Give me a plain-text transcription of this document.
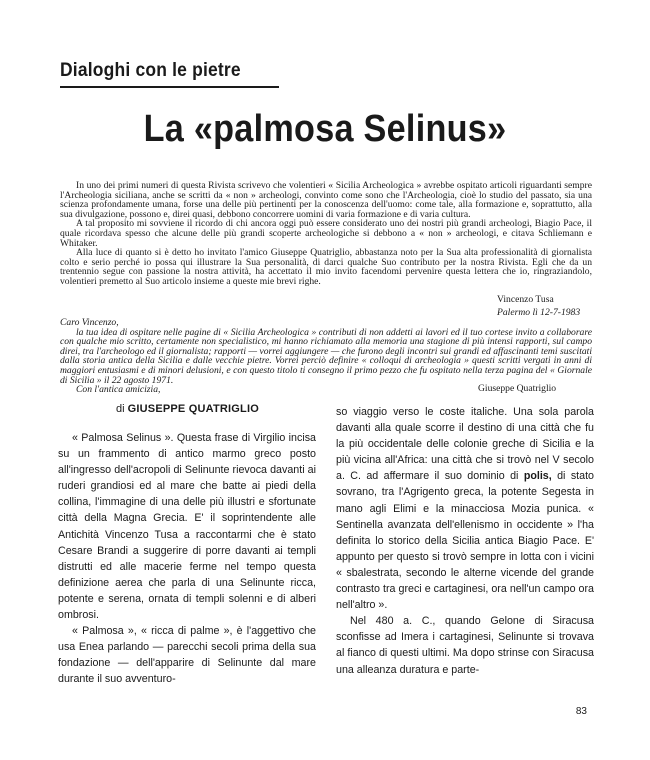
Dialoghi con le pietre
La «palmosa Selinus»

In uno dei primi numeri di questa Rivista scrivevo che volentieri « Sicilia Archeologica » avrebbe ospitato articoli riguardanti sempre l'Archeologia siciliana, anche se scritti da « non » archeologi, convinto come sono che l'Archeologia, cioè lo studio del passato, sia una scienza profondamente umana, forse una delle più pertinenti per la conoscenza dell'uomo: come tale, alla formazione e, soprattutto, alla sua divulgazione, possono e, direi quasi, debbono concorrere uomini di varia formazione e di varia cultura.

A tal proposito mi sovviene il ricordo di chi ancora oggi può essere considerato uno dei nostri più grandi archeologi, Biagio Pace, il quale ricordava spesso che alcune delle più grandi scoperte archeologiche si debbono a « non » archeologi, e citava Schliemann e Whitaker.

Alla luce di quanto si è detto ho invitato l'amico Giuseppe Quatriglio, abbastanza noto per la Sua alta professionalità di giornalista colto e serio perché io possa qui illustrare la Sua personalità, di darci qualche Suo contributo per la nostra Rivista. Egli che da un trentennio segue con passione la nostra attività, ha accettato il mio invito facendomi pervenire questa lettera che io, ringraziandolo, volentieri premetto al Suo articolo insieme a queste mie brevi righe.

Vincenzo Tusa
Palermo lì 12-7-1983

Caro Vincenzo,

la tua idea di ospitare nelle pagine di « Sicilia Archeologica » contributi di non addetti ai lavori ed il tuo cortese invito a collaborare con qualche mio scritto, certamente non specialistico, mi hanno richiamato alla memoria una stagione di più intensi rapporti, sul campo direi, tra l'archeologo ed il giornalista; rapporti — vorrei aggiungere — che furono degli incontri sui grandi ed affascinanti temi suscitati dalla storia antica della Sicilia e dalle vecchie pietre. Vorrei perciò definire « colloqui di archeologia » questi scritti vergati in anni di maggiori entusiasmi e di minori delusioni, e con questo titolo ti consegno il primo pezzo che fu ospitato nella terza pagina del « Giornale di Sicilia » il 22 agosto 1971.

Con l'antica amicizia,	Giuseppe Quatriglio
di GIUSEPPE QUATRIGLIO

« Palmosa Selinus ». Questa frase di Virgilio incisa su un frammento di antico marmo greco posto all'ingresso dell'acropoli di Selinunte rievoca davanti ai ruderi grandiosi ed al mare che batte ai piedi della collina, l'immagine di una delle più illustri e sfortunate città della Magna Grecia. E' il soprintendente alle Antichità Vincenzo Tusa a raccontarmi che è stato Cesare Brandi a suggerire di porre davanti ai templi distrutti ed alle macerie ferme nel tempo questa definizione aerea che parla di una Selinunte ricca, potente e serena, ornata di templi solenni e di alberi ombrosi.

« Palmosa », « ricca di palme », è l'aggettivo che usa Enea parlando — parecchi secoli prima della sua fondazione — dell'apparire di Selinunte dal mare durante il suo avventuro-

so viaggio verso le coste italiche. Una sola parola davanti alla quale scorre il destino di una città che fu la più occidentale delle colonie greche di Sicilia e la più vicina all'Africa: una città che si trovò nel V secolo a. C. ad affermare il suo dominio di polis, di stato sovrano, tra l'Agrigento greca, la potente Segesta in mano agli Elimi e la minacciosa Mozia punica. « Sentinella avanzata dell'ellenismo in occidente » l'ha definita lo storico della Sicilia antica Biagio Pace. E' appunto per questo si trovò sempre in lotta con i vicini « sbalestrata, secondo le alterne vicende del grande contrasto tra greci e cartaginesi, ora nell'un campo ora nell'altro ».

Nel 480 a. C., quando Gelone di Siracusa sconfisse ad Imera i cartaginesi, Selinunte si trovava al fianco di questi ultimi. Ma dopo strinse con Siracusa una alleanza duratura e parte-

83
